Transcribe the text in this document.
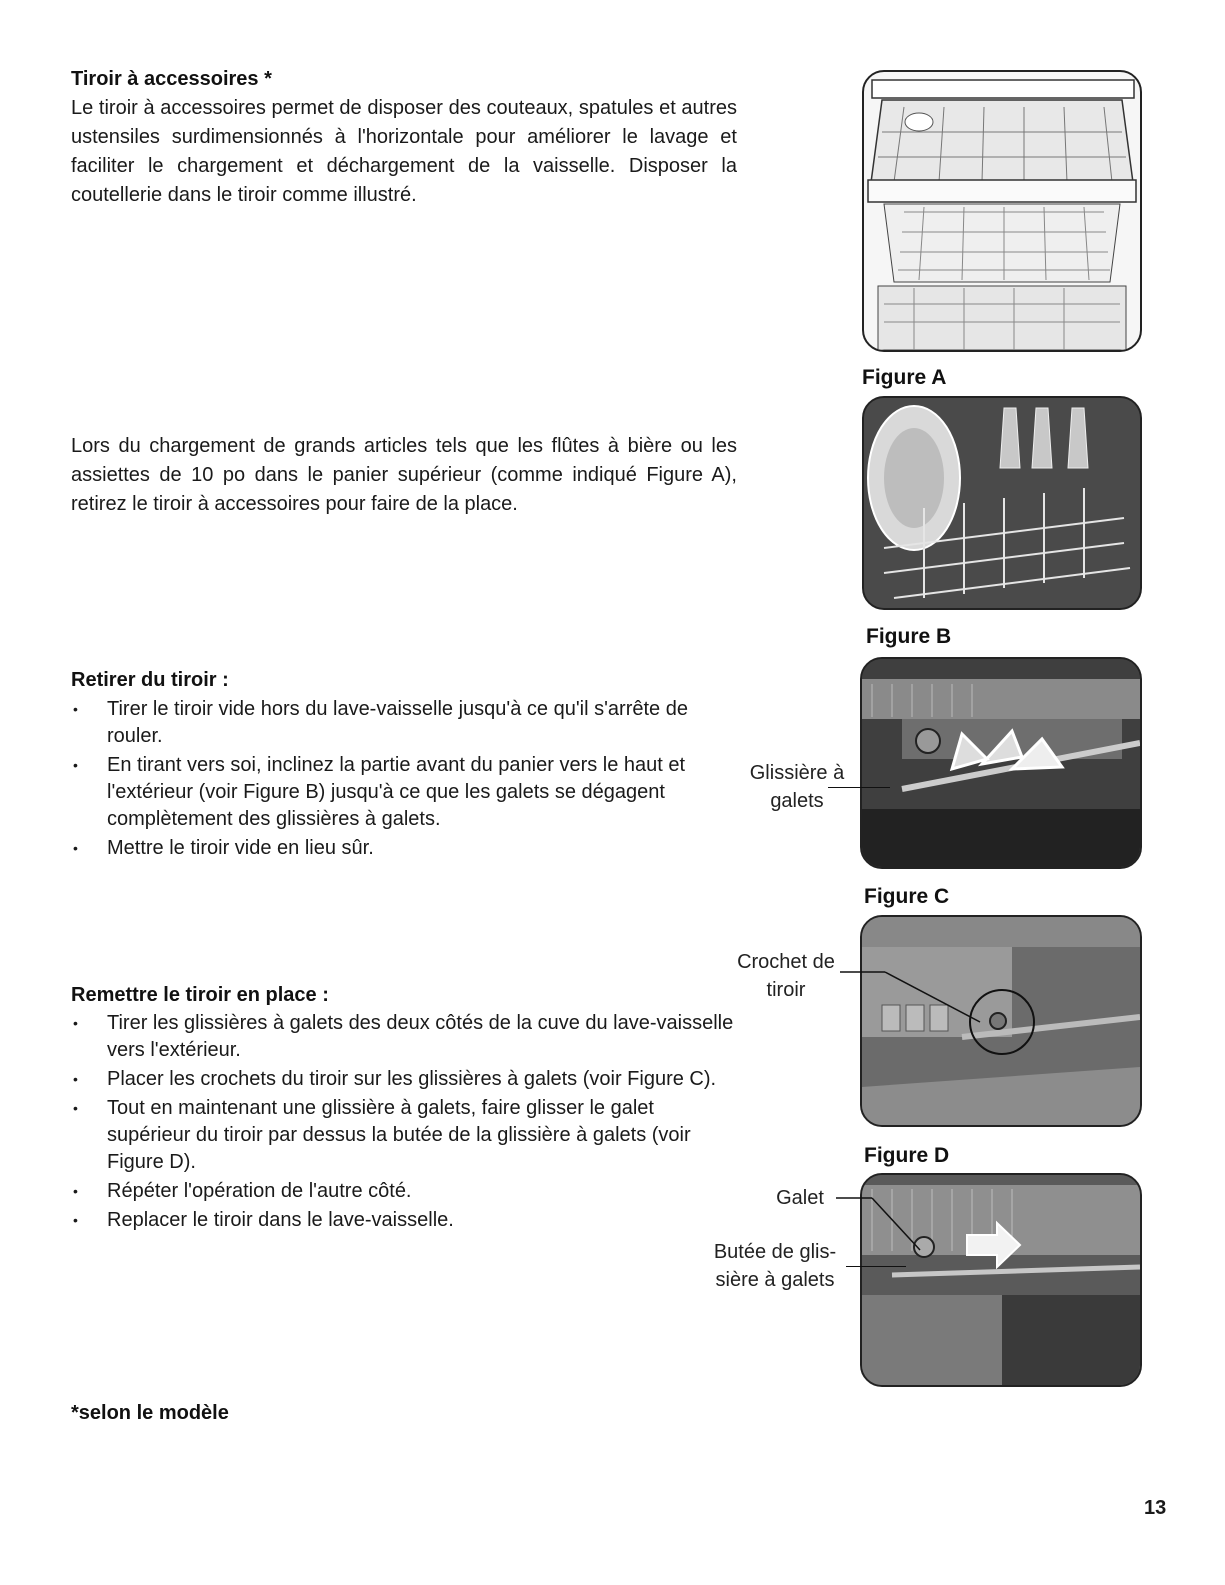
Tiroir à accessoires *

Le tiroir à accessoires permet de disposer des couteaux, spatules et autres ustensiles surdimensionnés à l'horizontale pour améliorer le lavage et faciliter le chargement et déchargement de la vaisselle. Disposer la coutellerie dans le tiroir comme illustré.

Lors du chargement de grands articles tels que les flûtes à bière ou les assiettes de 10 po dans le panier supérieur (comme indiqué Figure A), retirez le tiroir à accessoires pour faire de la place.

Retirer du tiroir :
• Tirer le tiroir vide hors du lave-vaisselle jusqu'à ce qu'il s'arrête de rouler.
• En tirant vers soi, inclinez la partie avant du panier vers le haut et l'extérieur (voir Figure B) jusqu'à ce que les galets se dégagent complètement des glissières à galets.
• Mettre le tiroir vide en lieu sûr.
Remettre le tiroir en place :
• Tirer les glissières à galets des deux côtés de la cuve du lave-vaisselle vers l'extérieur.
• Placer les crochets du tiroir sur les glissières à galets (voir Figure C).
• Tout en maintenant une glissière à galets, faire glisser le galet supérieur du tiroir par dessus la butée de la glissière à galets (voir Figure D).
• Répéter l'opération de l'autre côté.
• Replacer le tiroir dans le lave-vaisselle.
*selon le modèle
13
Figure A
Figure B
Figure C
Figure D
Glissière à
galets
Crochet de
tiroir
Galet
Butée de glis-
sière à galets
